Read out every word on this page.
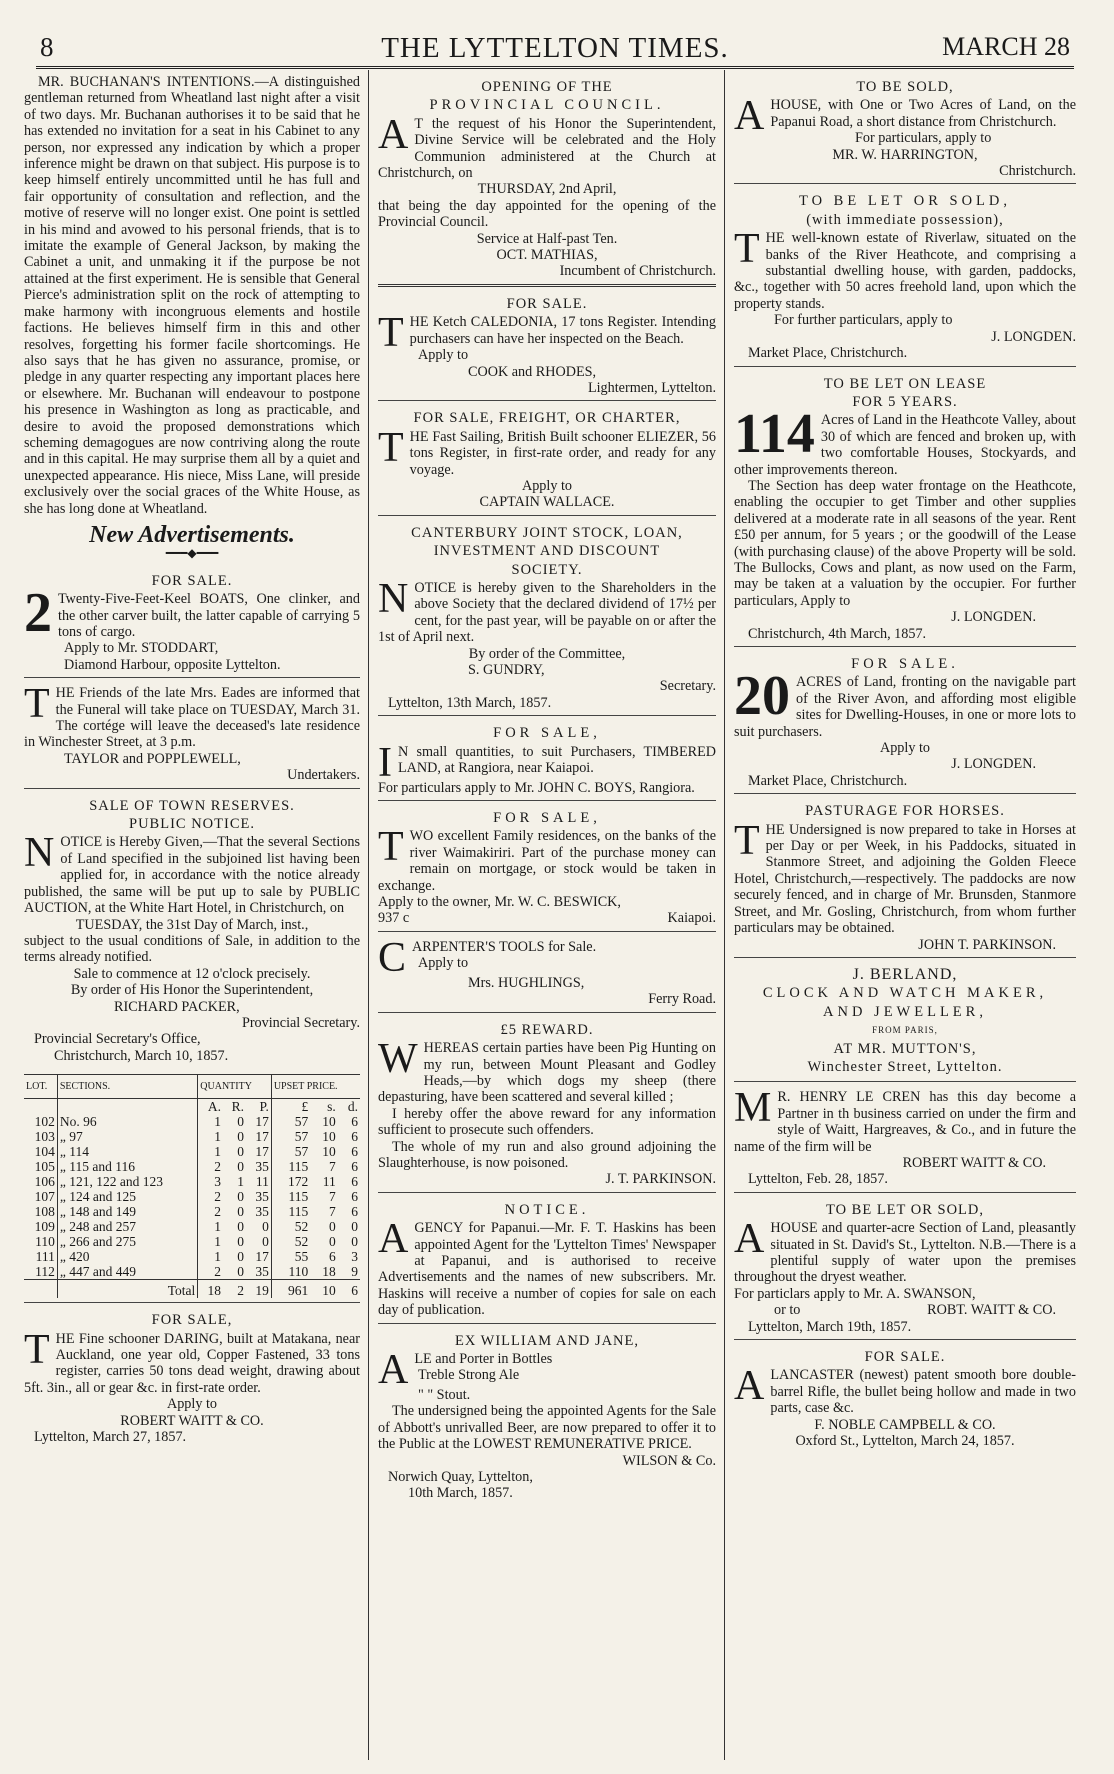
8	THE LYTTELTON TIMES.	MARCH 28

MR. BUCHANAN'S INTENTIONS.—A distinguished gentleman returned from Wheatland last night after a visit of two days. Mr. Buchanan authorises it to be said that he has extended no invitation for a seat in his Cabinet to any person, nor expressed any indication by which a proper inference might be drawn on that subject. His purpose is to keep himself entirely uncommitted until he has full and fair opportunity of consultation and reflection, and the motive of reserve will no longer exist. One point is settled in his mind and avowed to his personal friends, that is to imitate the example of General Jackson, by making the Cabinet a unit, and unmaking it if the purpose be not attained at the first experiment. He is sensible that General Pierce's administration split on the rock of attempting to make harmony with incongruous elements and hostile factions. He believes himself firm in this and other resolves, forgetting his former facile shortcomings. He also says that he has given no assurance, promise, or pledge in any quarter respecting any important places here or elsewhere. Mr. Buchanan will endeavour to postpone his presence in Washington as long as practicable, and desire to avoid the proposed demonstrations which scheming demagogues are now contriving along the route and in this capital. He may surprise them all by a quiet and unexpected appearance. His niece, Miss Lane, will preside exclusively over the social graces of the White House, as she has long done at Wheatland.

New Advertisements.
━━━◆━━━
FOR SALE.

2 Twenty-Five-Feet-Keel BOATS, One clinker, and the other carver built, the latter capable of carrying 5 tons of cargo.

Apply to Mr. STODDART,

Diamond Harbour, opposite Lyttelton.

THE Friends of the late Mrs. Eades are informed that the Funeral will take place on TUESDAY, March 31. The cortége will leave the deceased's late residence in Winchester Street, at 3 p.m.

TAYLOR and POPPLEWELL,

Undertakers.

SALE OF TOWN RESERVES.
PUBLIC NOTICE.

NOTICE is Hereby Given,—That the several Sections of Land specified in the subjoined list having been applied for, in accordance with the notice already published, the same will be put up to sale by PUBLIC AUCTION, at the White Hart Hotel, in Christchurch, on

TUESDAY, the 31st Day of March, inst.,

subject to the usual conditions of Sale, in addition to the terms already notified.

Sale to commence at 12 o'clock precisely.

By order of His Honor the Superintendent,

RICHARD PACKER,

Provincial Secretary.

Provincial Secretary's Office,

Christchurch, March 10, 1857.

LOT.	SECTIONS.	QUANTITY			UPSET PRICE.		
		A.	R.	P.	£	s.	d.
102	No. 96	1	0	17	57	10	6
103	„ 97	1	0	17	57	10	6
104	„ 114	1	0	17	57	10	6
105	„ 115 and 116	2	0	35	115	7	6
106	„ 121, 122 and 123	3	1	11	172	11	6
107	„ 124 and 125	2	0	35	115	7	6
108	„ 148 and 149	2	0	35	115	7	6
109	„ 248 and 257	1	0	0	52	0	0
110	„ 266 and 275	1	0	0	52	0	0
111	„ 420	1	0	17	55	6	3
112	„ 447 and 449	2	0	35	110	18	9
	Total	18	2	19	961	10	6
FOR SALE,

THE Fine schooner DARING, built at Matakana, near Auckland, one year old, Copper Fastened, 33 tons register, carries 50 tons dead weight, drawing about 5ft. 3in., all or gear &c. in first-rate order.

Apply to

ROBERT WAITT & CO.

Lyttelton, March 27, 1857.

OPENING OF THE
PROVINCIAL COUNCIL.

A T the request of his Honor the Superintendent, Divine Service will be celebrated and the Holy Communion administered at the Church at Christchurch, on

THURSDAY, 2nd April,

that being the day appointed for the opening of the Provincial Council.

Service at Half-past Ten.

OCT. MATHIAS,

Incumbent of Christchurch.

FOR SALE.

THE Ketch CALEDONIA, 17 tons Register. Intending purchasers can have her inspected on the Beach.

Apply to

COOK and RHODES,

Lightermen, Lyttelton.

FOR SALE, FREIGHT, OR CHARTER,

THE Fast Sailing, British Built schooner ELIEZER, 56 tons Register, in first-rate order, and ready for any voyage.

Apply to

CAPTAIN WALLACE.

CANTERBURY JOINT STOCK, LOAN,
INVESTMENT AND DISCOUNT
SOCIETY.

NOTICE is hereby given to the Shareholders in the above Society that the declared dividend of 17½ per cent, for the past year, will be payable on or after the 1st of April next.

By order of the Committee,

S. GUNDRY,

Secretary.

Lyttelton, 13th March, 1857.

FOR SALE,

I N small quantities, to suit Purchasers, TIMBERED LAND, at Rangiora, near Kaiapoi.

For particulars apply to Mr. JOHN C. BOYS, Rangiora.

FOR SALE,

TWO excellent Family residences, on the banks of the river Waimakiriri. Part of the purchase money can remain on mortgage, or stock would be taken in exchange.

Apply to the owner, Mr. W. C. BESWICK,

937 c	Kaiapoi.

CARPENTER'S TOOLS for Sale.

Apply to

Mrs. HUGHLINGS,

Ferry Road.

£5 REWARD.

WHEREAS certain parties have been Pig Hunting on my run, between Mount Pleasant and Godley Heads,—by which dogs my sheep (there depasturing, have been scattered and several killed ;

I hereby offer the above reward for any information sufficient to prosecute such offenders.

The whole of my run and also ground adjoining the Slaughterhouse, is now poisoned.

J. T. PARKINSON.

NOTICE.

AGENCY for Papanui.—Mr. F. T. Haskins has been appointed Agent for the 'Lyttelton Times' Newspaper at Papanui, and is authorised to receive Advertisements and the names of new subscribers. Mr. Haskins will receive a number of copies for sale on each day of publication.

EX WILLIAM AND JANE,

ALE and Porter in Bottles

Treble Strong Ale

" " Stout.

The undersigned being the appointed Agents for the Sale of Abbott's unrivalled Beer, are now prepared to offer it to the Public at the LOWEST REMUNERATIVE PRICE.

WILSON & Co.

Norwich Quay, Lyttelton,

10th March, 1857.

TO BE SOLD,

AHOUSE, with One or Two Acres of Land, on the Papanui Road, a short distance from Christchurch.

For particulars, apply to

MR. W. HARRINGTON,

Christchurch.

TO BE LET OR SOLD,
(with immediate possession),

THE well-known estate of Riverlaw, situated on the banks of the River Heathcote, and comprising a substantial dwelling house, with garden, paddocks, &c., together with 50 acres freehold land, upon which the property stands.

For further particulars, apply to

J. LONGDEN.

Market Place, Christchurch.

TO BE LET ON LEASE
FOR 5 YEARS.

114 Acres of Land in the Heathcote Valley, about 30 of which are fenced and broken up, with two comfortable Houses, Stockyards, and other improvements thereon.

The Section has deep water frontage on the Heathcote, enabling the occupier to get Timber and other supplies delivered at a moderate rate in all seasons of the year. Rent £50 per annum, for 5 years ; or the goodwill of the Lease (with purchasing clause) of the above Property will be sold. The Bullocks, Cows and plant, as now used on the Farm, may be taken at a valuation by the occupier. For further particulars, Apply to

J. LONGDEN.

Christchurch, 4th March, 1857.

FOR SALE.

20 ACRES of Land, fronting on the navigable part of the River Avon, and affording most eligible sites for Dwelling-Houses, in one or more lots to suit purchasers.

Apply to

J. LONGDEN.

Market Place, Christchurch.

PASTURAGE FOR HORSES.

THE Undersigned is now prepared to take in Horses at per Day or per Week, in his Paddocks, situated in Stanmore Street, and adjoining the Golden Fleece Hotel, Christchurch,—respectively. The paddocks are now securely fenced, and in charge of Mr. Brunsden, Stanmore Street, and Mr. Gosling, Christchurch, from whom further particulars may be obtained.

JOHN T. PARKINSON.

J. BERLAND,
CLOCK AND WATCH MAKER,
AND JEWELLER,
FROM PARIS,
AT MR. MUTTON'S,
Winchester Street, Lyttelton.

M R. HENRY LE CREN has this day become a Partner in th business carried on under the firm and style of Waitt, Hargreaves, & Co., and in future the name of the firm will be

ROBERT WAITT & CO.

Lyttelton, Feb. 28, 1857.

TO BE LET OR SOLD,

AHOUSE and quarter-acre Section of Land, pleasantly situated in St. David's St., Lyttelton. N.B.—There is a plentiful supply of water upon the premises throughout the dryest weather.

For particlars apply to Mr. A. SWANSON,

or to	ROBT. WAITT & CO.

Lyttelton, March 19th, 1857.

FOR SALE.

ALANCASTER (newest) patent smooth bore double-barrel Rifle, the bullet being hollow and made in two parts, case &c.

F. NOBLE CAMPBELL & CO.

Oxford St., Lyttelton, March 24, 1857.
